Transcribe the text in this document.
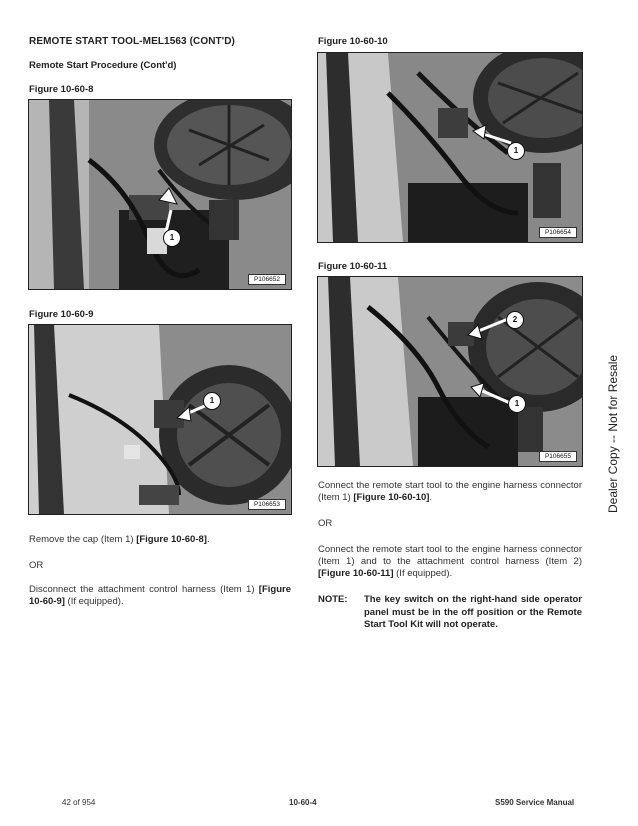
REMOTE START TOOL-MEL1563 (CONT'D)
Remote Start Procedure (Cont'd)
Figure 10-60-8
1
P106652
Figure 10-60-9
1
P106653
Remove the cap (Item 1) [Figure 10-60-8].
OR
Disconnect the attachment control harness (Item 1) [Figure 10-60-9] (If equipped).
Figure 10-60-10
1
P106654
Figure 10-60-11
2
1
P106655
Connect the remote start tool to the engine harness connector (Item 1) [Figure 10-60-10].
OR
Connect the remote start tool to the engine harness connector (Item 1) and to the attachment control harness (Item 2) [Figure 10-60-11] (If equipped).
NOTE:	The key switch on the right-hand side operator panel must be in the off position or the Remote Start Tool Kit will not operate.
Dealer Copy -- Not for Resale
42 of 954	10-60-4	S590 Service Manual
